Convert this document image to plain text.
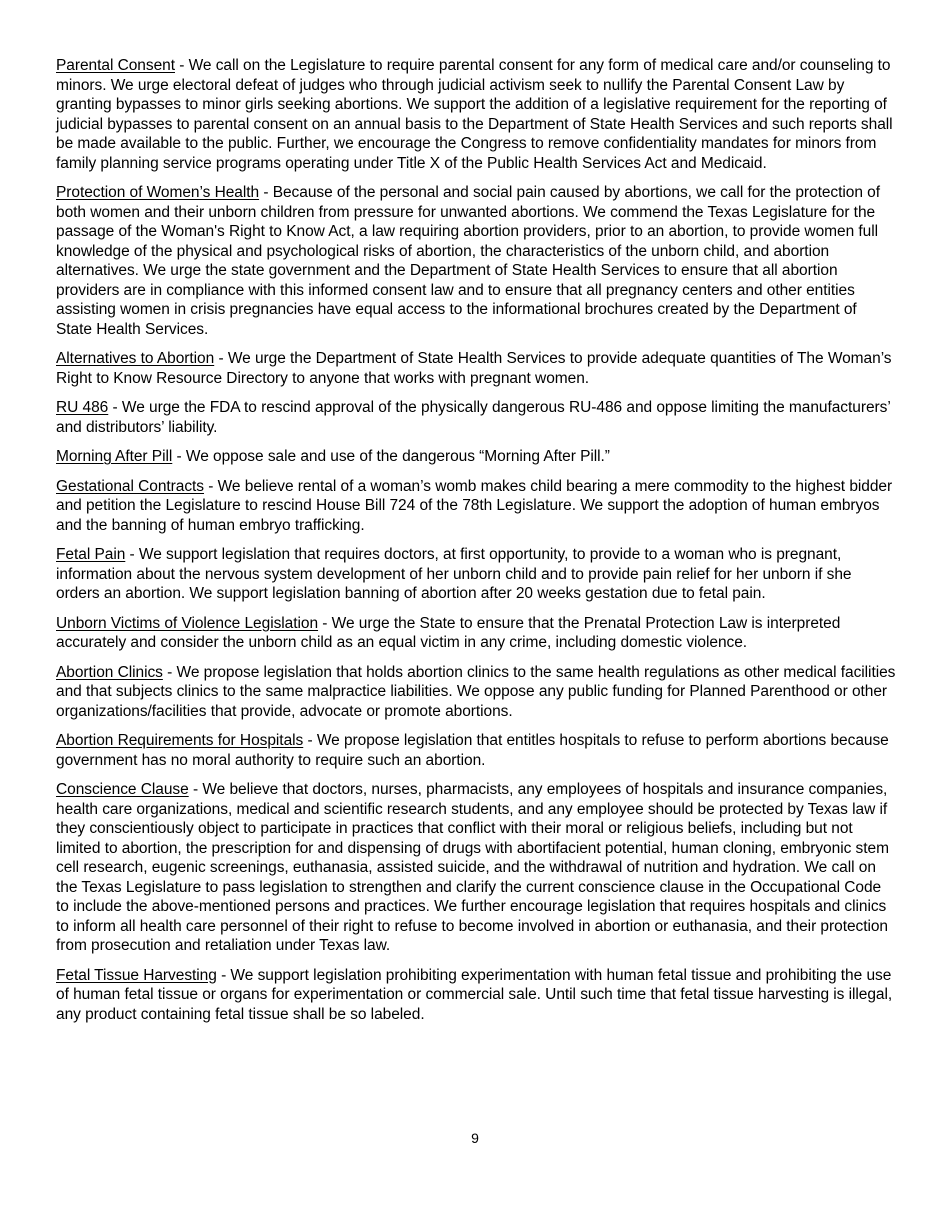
Parental Consent - We call on the Legislature to require parental consent for any form of medical care and/or counseling to minors. We urge electoral defeat of judges who through judicial activism seek to nullify the Parental Consent Law by granting bypasses to minor girls seeking abortions. We support the addition of a legislative requirement for the reporting of judicial bypasses to parental consent on an annual basis to the Department of State Health Services and such reports shall be made available to the public. Further, we encourage the Congress to remove confidentiality mandates for minors from family planning service programs operating under Title X of the Public Health Services Act and Medicaid.

Protection of Women’s Health - Because of the personal and social pain caused by abortions, we call for the protection of both women and their unborn children from pressure for unwanted abortions. We commend the Texas Legislature for the passage of the Woman's Right to Know Act, a law requiring abortion providers, prior to an abortion, to provide women full knowledge of the physical and psychological risks of abortion, the characteristics of the unborn child, and abortion alternatives. We urge the state government and the Department of State Health Services to ensure that all abortion providers are in compliance with this informed consent law and to ensure that all pregnancy centers and other entities assisting women in crisis pregnancies have equal access to the informational brochures created by the Department of State Health Services.

Alternatives to Abortion - We urge the Department of State Health Services to provide adequate quantities of The Woman’s Right to Know Resource Directory to anyone that works with pregnant women.

RU 486 - We urge the FDA to rescind approval of the physically dangerous RU-486 and oppose limiting the manufacturers’ and distributors’ liability.

Morning After Pill - We oppose sale and use of the dangerous “Morning After Pill.”

Gestational Contracts - We believe rental of a woman’s womb makes child bearing a mere commodity to the highest bidder and petition the Legislature to rescind House Bill 724 of the 78th Legislature. We support the adoption of human embryos and the banning of human embryo trafficking.

Fetal Pain - We support legislation that requires doctors, at first opportunity, to provide to a woman who is pregnant, information about the nervous system development of her unborn child and to provide pain relief for her unborn if she orders an abortion. We support legislation banning of abortion after 20 weeks gestation due to fetal pain.

Unborn Victims of Violence Legislation - We urge the State to ensure that the Prenatal Protection Law is interpreted accurately and consider the unborn child as an equal victim in any crime, including domestic violence.

Abortion Clinics - We propose legislation that holds abortion clinics to the same health regulations as other medical facilities and that subjects clinics to the same malpractice liabilities. We oppose any public funding for Planned Parenthood or other organizations/facilities that provide, advocate or promote abortions.

Abortion Requirements for Hospitals - We propose legislation that entitles hospitals to refuse to perform abortions because government has no moral authority to require such an abortion.

Conscience Clause - We believe that doctors, nurses, pharmacists, any employees of hospitals and insurance companies, health care organizations, medical and scientific research students, and any employee should be protected by Texas law if they conscientiously object to participate in practices that conflict with their moral or religious beliefs, including but not limited to abortion, the prescription for and dispensing of drugs with abortifacient potential, human cloning, embryonic stem cell research, eugenic screenings, euthanasia, assisted suicide, and the withdrawal of nutrition and hydration. We call on the Texas Legislature to pass legislation to strengthen and clarify the current conscience clause in the Occupational Code to include the above-mentioned persons and practices. We further encourage legislation that requires hospitals and clinics to inform all health care personnel of their right to refuse to become involved in abortion or euthanasia, and their protection from prosecution and retaliation under Texas law.

Fetal Tissue Harvesting - We support legislation prohibiting experimentation with human fetal tissue and prohibiting the use of human fetal tissue or organs for experimentation or commercial sale. Until such time that fetal tissue harvesting is illegal, any product containing fetal tissue shall be so labeled.

9
